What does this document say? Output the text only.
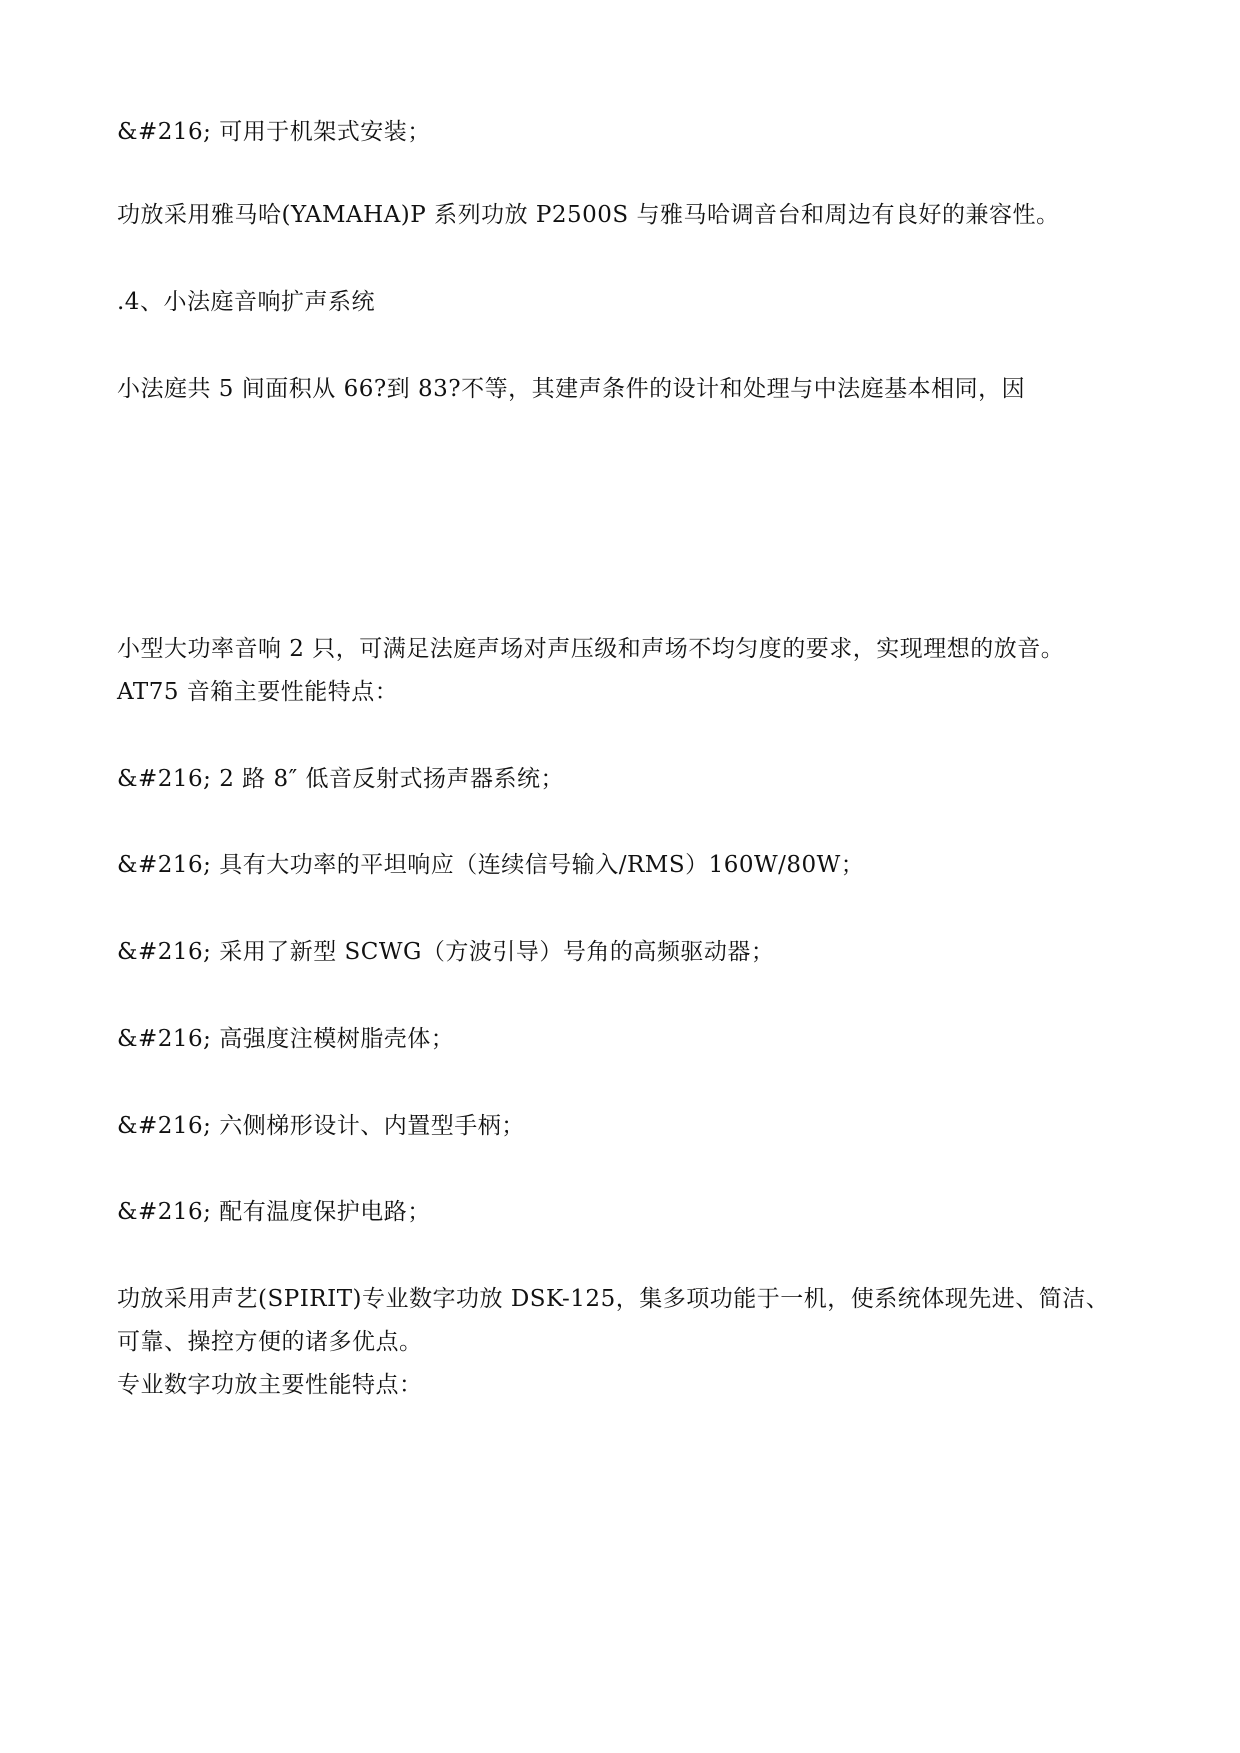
&#216; 可用于机架式安装；

功放采用雅马哈(YAMAHA)P 系列功放 P2500S 与雅马哈调音台和周边有良好的兼容性。

.4、小法庭音响扩声系统

小法庭共 5 间面积从 66?到 83?不等，其建声条件的设计和处理与中法庭基本相同，因

小型大功率音响 2 只，可满足法庭声场对声压级和声场不均匀度的要求，实现理想的放音。

AT75 音箱主要性能特点：

&#216; 2 路 8″ 低音反射式扬声器系统；

&#216; 具有大功率的平坦响应（连续信号输入/RMS）160W/80W；

&#216; 采用了新型 SCWG（方波引导）号角的高频驱动器；

&#216; 高强度注模树脂壳体；

&#216; 六侧梯形设计、内置型手柄；

&#216; 配有温度保护电路；

功放采用声艺(SPIRIT)专业数字功放 DSK-125，集多项功能于一机，使系统体现先进、简洁、

可靠、操控方便的诸多优点。

专业数字功放主要性能特点：
